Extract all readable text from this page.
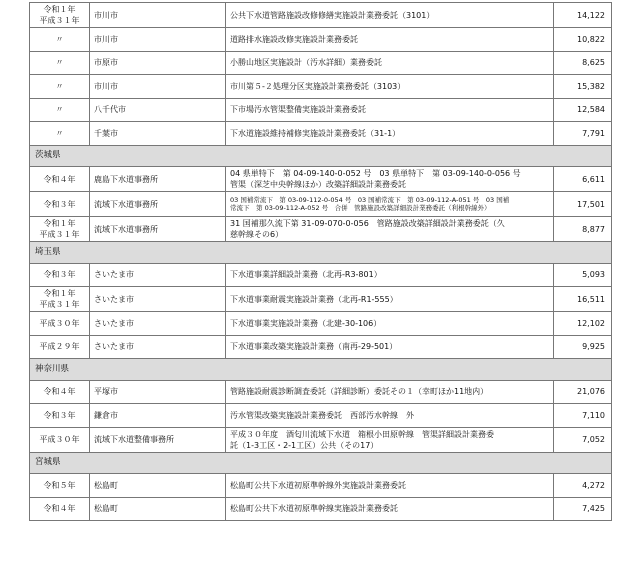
令和１年
平成３１年	市川市	公共下水道管路施設改修修繕実施設計業務委託（3101）	14,122
〃	市川市	道路排水施設改修実施設計業務委託	10,822
〃	市原市	小勝山地区実施設計（汚水詳細）業務委託	8,625
〃	市川市	市川第５-２処理分区実施設計業務委託（3103）	15,382
〃	八千代市	下市場汚水管渠整備実施設計業務委託	12,584
〃	千葉市	下水道施設維持補修実施設計業務委託（31-1）	7,791
茨城県			
令和４年	鹿島下水道事務所	04 県単特下　第 04-09-140-0-052 号　03 県単特下　第 03-09-140-0-056 号
管渠（深芝中央幹線ほか）改築詳細設計業務委託	6,611
令和３年	流域下水道事務所	03 国補常流下　第 03-09-112-0-054 号　03 国補常流下　第 03-09-112-A-051 号　03 国補
常流下　第 03-09-112-A-052 号　合併　管路施設改築詳細設計業務委託（利根幹線外）	17,501
令和１年
平成３１年	流域下水道事務所	31 国補那久流下第 31-09-070-0-056　管路施設改築詳細設計業務委託（久
慈幹線その6）	8,877
埼玉県			
令和３年	さいたま市	下水道事業詳細設計業務（北再-R3-801）	5,093
令和１年
平成３１年	さいたま市	下水道事業耐震実施設計業務（北再-R1-555）	16,511
平成３０年	さいたま市	下水道事業実施設計業務（北建-30-106）	12,102
平成２９年	さいたま市	下水道事業改築実施設計業務（南再-29-501）	9,925
神奈川県			
令和４年	平塚市	管路施設耐震診断調査委託（詳細診断）委託その１（幸町ほか11地内）	21,076
令和３年	鎌倉市	汚水管渠改築実施設計業務委託　西部汚水幹線　外	7,110
平成３０年	流域下水道整備事務所	平成３０年度　酒匂川流域下水道　箱根小田原幹線　管渠詳細設計業務委
託（1-3工区・2-1工区）公共（その17）	7,052
宮城県			
令和５年	松島町	松島町公共下水道初原準幹線外実施設計業務委託	4,272
令和４年	松島町	松島町公共下水道初原準幹線実施設計業務委託	7,425
